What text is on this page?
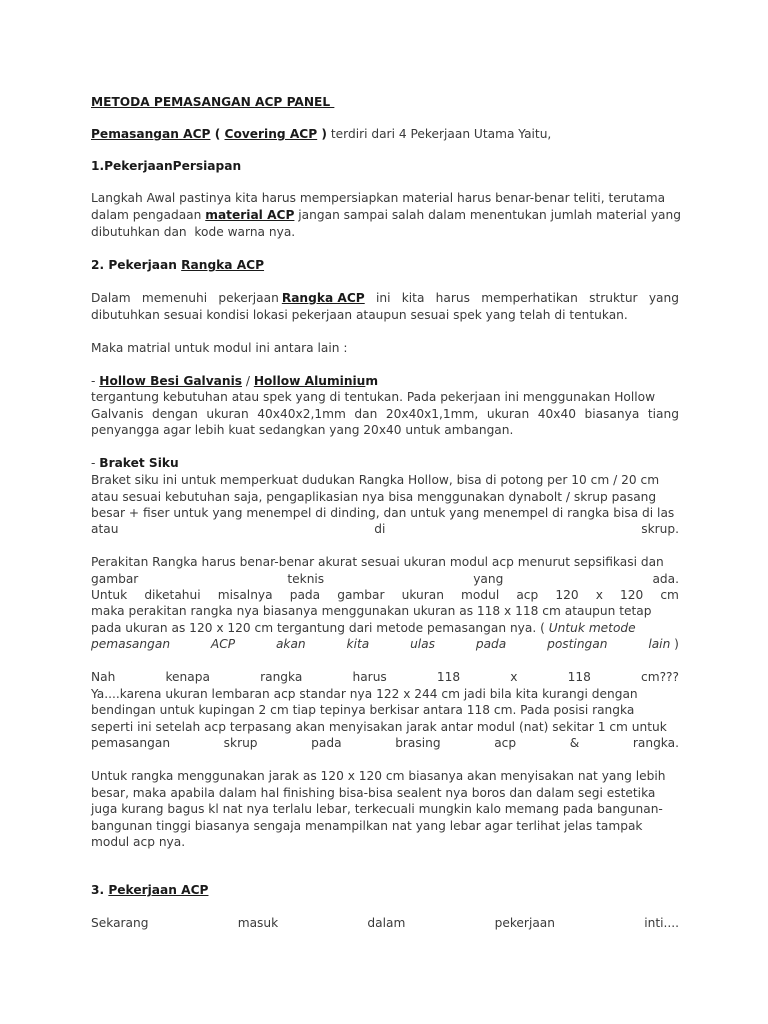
METODA PEMASANGAN ACP PANEL
Pemasangan ACP ( Covering ACP ) terdiri dari 4 Pekerjaan Utama Yaitu,
1.PekerjaanPersiapan
Langkah Awal pastinya kita harus mempersiapkan material harus benar-benar teliti, terutama
dalam pengadaan material ACP jangan sampai salah dalam menentukan jumlah material yang
dibutuhkan dan  kode warna nya.
2. Pekerjaan Rangka ACP
Dalam memenuhi pekerjaan Rangka ACP ini kita harus memperhatikan struktur yang
dibutuhkan sesuai kondisi lokasi pekerjaan ataupun sesuai spek yang telah di tentukan.
Maka matrial untuk modul ini antara lain :
- Hollow Besi Galvanis / Hollow Aluminiu m
tergantung kebutuhan atau spek yang di tentukan. Pada pekerjaan ini menggunakan Hollow
Galvanis dengan ukuran 40x40x2,1mm dan 20x40x1,1mm, ukuran 40x40 biasanya tiang
penyangga agar lebih kuat sedangkan yang 20x40 untuk ambangan.
- Braket Siku
Braket siku ini untuk memperkuat dudukan Rangka Hollow, bisa di potong per 10 cm / 20 cm
atau sesuai kebutuhan saja, pengaplikasian nya bisa menggunakan dynabolt / skrup pasang
besar + fiser untuk yang menempel di dinding, dan untuk yang menempel di rangka bisa di las
atau	di	skrup.
Perakitan Rangka harus benar-benar akurat sesuai ukuran modul acp menurut sepsifikasi dan
gambar	teknis	yang	ada.
Untuk diketahui misalnya pada gambar ukuran modul acp 120 x 120 cm
maka perakitan rangka nya biasanya menggunakan ukuran as 118 x 118 cm ataupun tetap
pada ukuran as 120 x 120 cm tergantung dari metode pemasangan nya. ( Untuk metode
pemasangan	ACP	akan	kita	ulas	pada	postingan	lain )
Nah	kenapa	rangka	harus	118	x	118	cm???
Ya....karena ukuran lembaran acp standar nya 122 x 244 cm jadi bila kita kurangi dengan
bendingan untuk kupingan 2 cm tiap tepinya berkisar antara 118 cm. Pada posisi rangka
seperti ini setelah acp terpasang akan menyisakan jarak antar modul (nat) sekitar 1 cm untuk
pemasangan	skrup	pada	brasing	acp	&	rangka.
Untuk rangka menggunakan jarak as 120 x 120 cm biasanya akan menyisakan nat yang lebih
besar, maka apabila dalam hal finishing bisa-bisa sealent nya boros dan dalam segi estetika
juga kurang bagus kl nat nya terlalu lebar, terkecuali mungkin kalo memang pada bangunan-
bangunan tinggi biasanya sengaja menampilkan nat yang lebar agar terlihat jelas tampak
modul acp nya.
3. Pekerjaan ACP
Sekarang	masuk	dalam	pekerjaan	inti....
